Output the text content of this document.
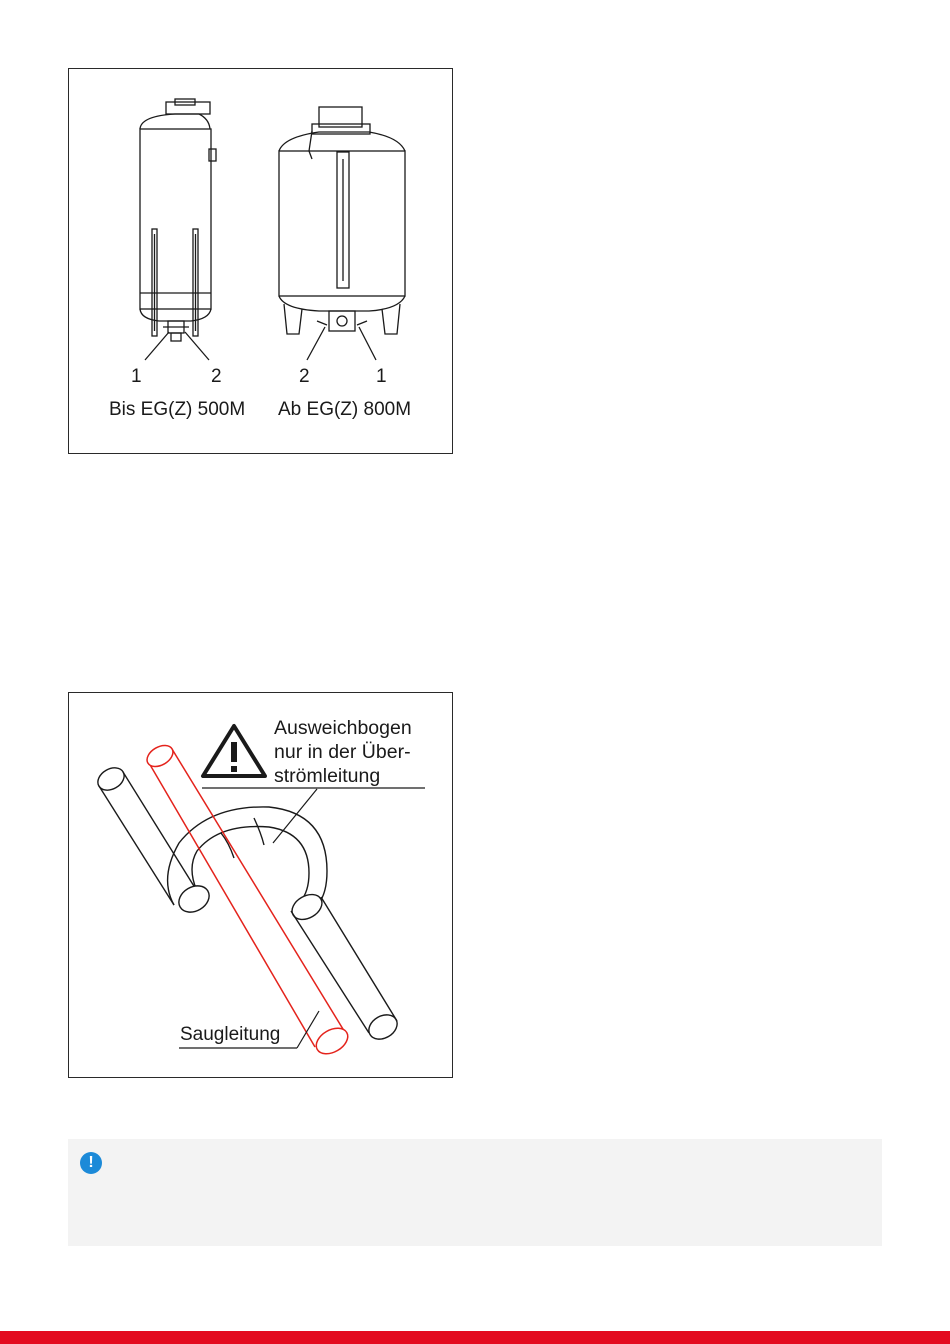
1	2	2	1
Bis EG(Z) 500M Ab EG(Z) 800M
Ausweichbogen
nur in der Über-
strömleitung
Saugleitung
!
